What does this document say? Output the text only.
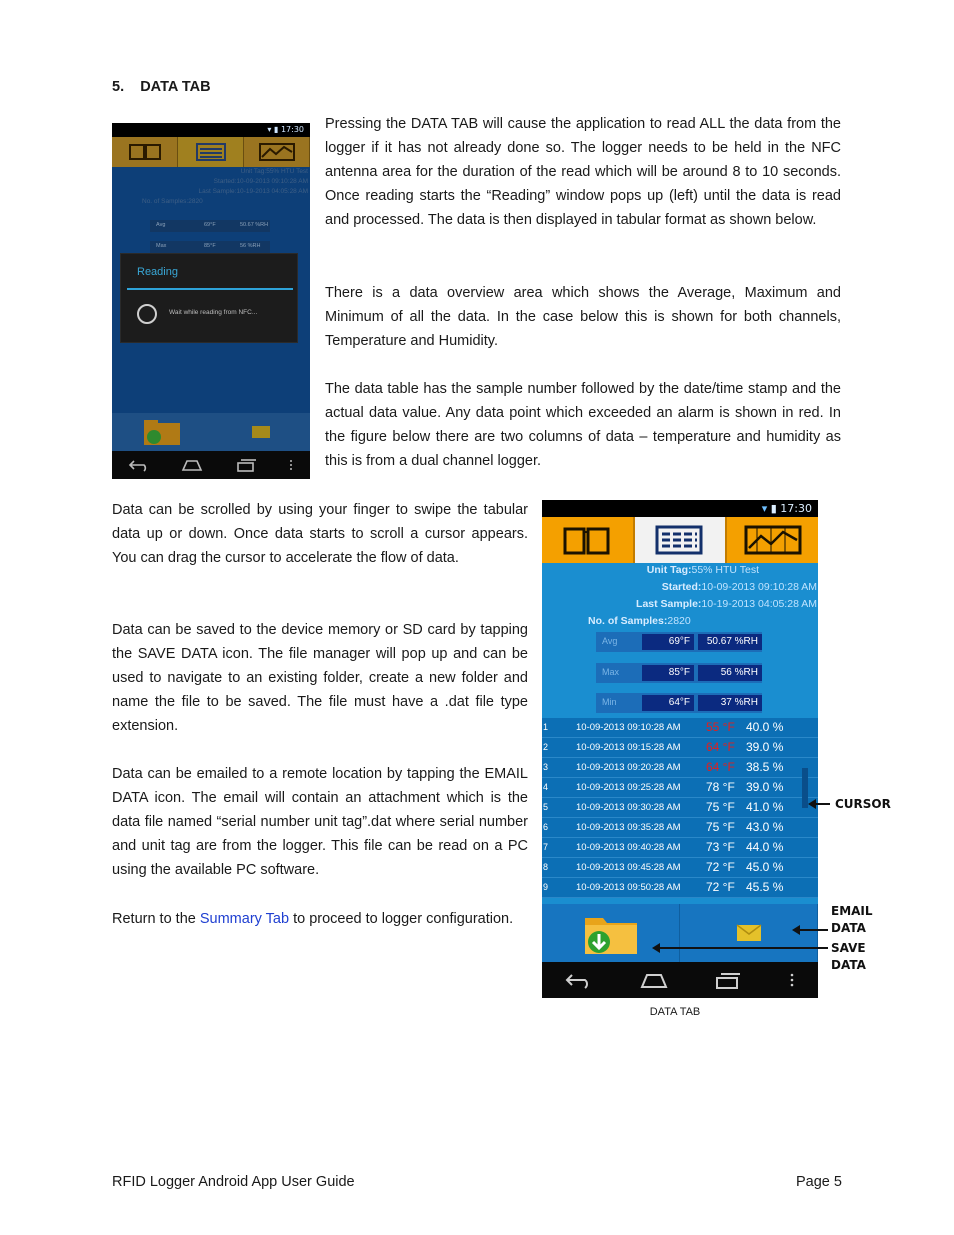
5.    DATA TAB
▾ ▮ 17:30
Unit Tag:55% HTU Test
Started:10-09-2013 09:10:28 AM
Last Sample:10-19-2013 04:05:28 AM
No. of Samples:2820
Avg	69°F	50.67 %RH
Max	85°F	56 %RH
Reading
Wait while reading from NFC...
Pressing the DATA TAB will cause the application to read ALL the data from the logger if it has not already done so. The logger needs to be held in the NFC antenna area for the duration of the read which will be around 8 to 10 seconds. Once reading starts the “Reading” window pops up (left) until the data is read and processed. The data is then displayed in tabular format as shown below.
There is a data overview area which shows the Average, Maximum and Minimum of all the data. In the case below this is shown for both channels, Temperature and Humidity.
The data table has the sample number followed by the date/time stamp and the actual data value. Any data point which exceeded an alarm is shown in red. In the figure below there are two columns of data – temperature and humidity as this is from a dual channel logger.
Data can be scrolled by using your finger to swipe the tabular data up or down. Once data starts to scroll a cursor appears. You can drag the cursor to accelerate the flow of data.
Data can be saved to the device memory or SD card by tapping the SAVE DATA icon. The file manager will pop up and can be used to navigate to an existing folder, create a new folder and name the file to be saved. The file must have a .dat file type extension.
Data can be emailed to a remote location by tapping the EMAIL DATA icon. The email will contain an attachment which is the data file named “serial number unit tag”.dat where serial number and unit tag are from the logger. This file can be read on a PC using the available PC software.
Return to the Summary Tab to proceed to logger configuration.
▾ ▮ 17:30
Unit Tag:55% HTU Test
Started:10-09-2013 09:10:28 AM
Last Sample:10-19-2013 04:05:28 AM
No. of Samples:2820
Avg	69°F	50.67 %RH
Max	85°F	56 %RH
Min	64°F	37 %RH
1	10-09-2013 09:10:28 AM 55 °F 40.0 %
2	10-09-2013 09:15:28 AM 64 °F 39.0 %
3	10-09-2013 09:20:28 AM 64 °F 38.5 %
4	10-09-2013 09:25:28 AM 78 °F 39.0 %
5	10-09-2013 09:30:28 AM 75 °F 41.0 %
6	10-09-2013 09:35:28 AM 75 °F 43.0 %
7	10-09-2013 09:40:28 AM 73 °F 44.0 %
8	10-09-2013 09:45:28 AM 72 °F 45.0 %
9	10-09-2013 09:50:28 AM 72 °F 45.5 %
CURSOR
EMAIL
DATA
SAVE
DATA
DATA TAB
RFID Logger Android App User Guide	Page 5
